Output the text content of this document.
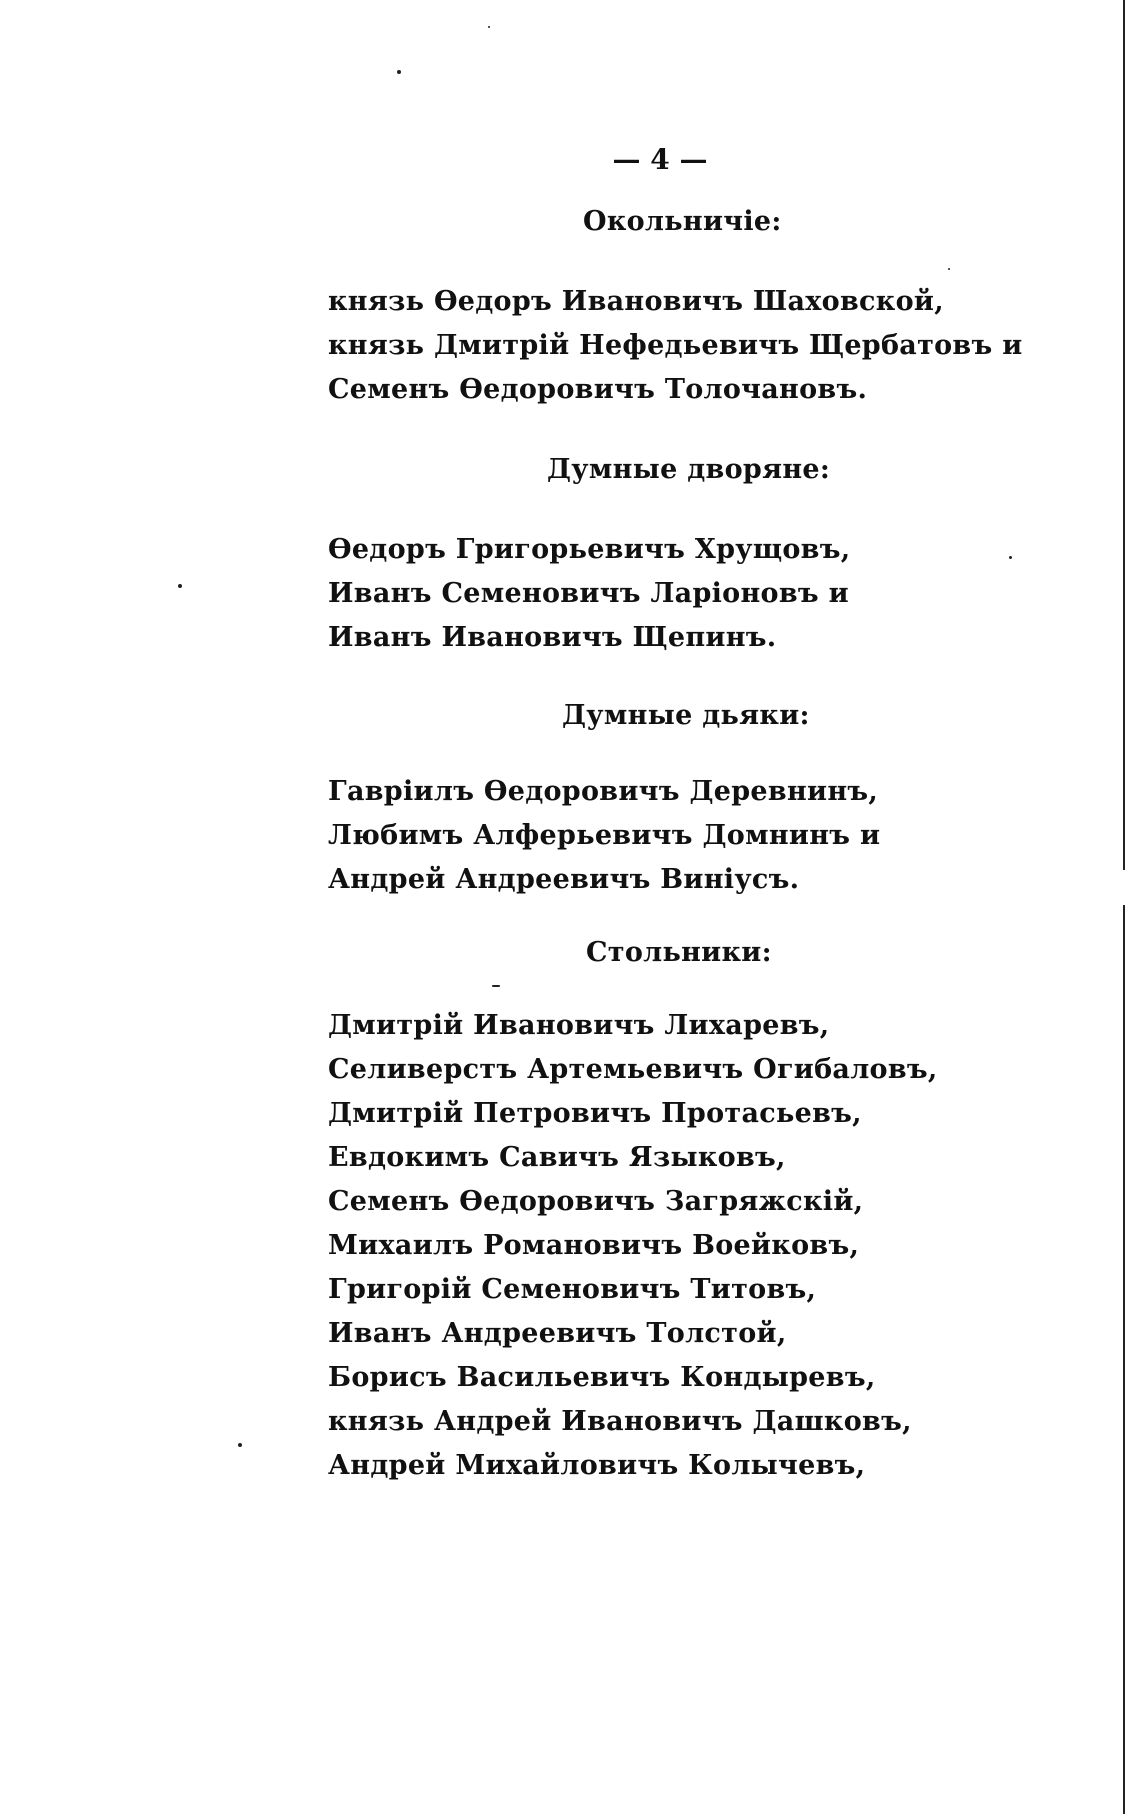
— 4 —
Окольничіе:
князь Өедоръ Ивановичъ Шаховской,
князь Дмитрій Нефедьевичъ Щербатовъ и
Семенъ Өедоровичъ Толочановъ.
Думные дворяне:
Өедоръ Григорьевичъ Хрущовъ,
Иванъ Семеновичъ Ларіоновъ и
Иванъ Ивановичъ Щепинъ.
Думные дьяки:
Гавріилъ Өедоровичъ Деревнинъ,
Любимъ Алферьевичъ Домнинъ и
Андрей Андреевичъ Виніусъ.
Стольники:
Дмитрій Ивановичъ Лихаревъ,
Селиверстъ Артемьевичъ Огибаловъ,
Дмитрій Петровичъ Протасьевъ,
Евдокимъ Савичъ Языковъ,
Семенъ Өедоровичъ Загряжскій,
Михаилъ Романовичъ Воейковъ,
Григорій Семеновичъ Титовъ,
Иванъ Андреевичъ Толстой,
Борисъ Васильевичъ Кондыревъ,
князь Андрей Ивановичъ Дашковъ,
Андрей Михайловичъ Колычевъ,
